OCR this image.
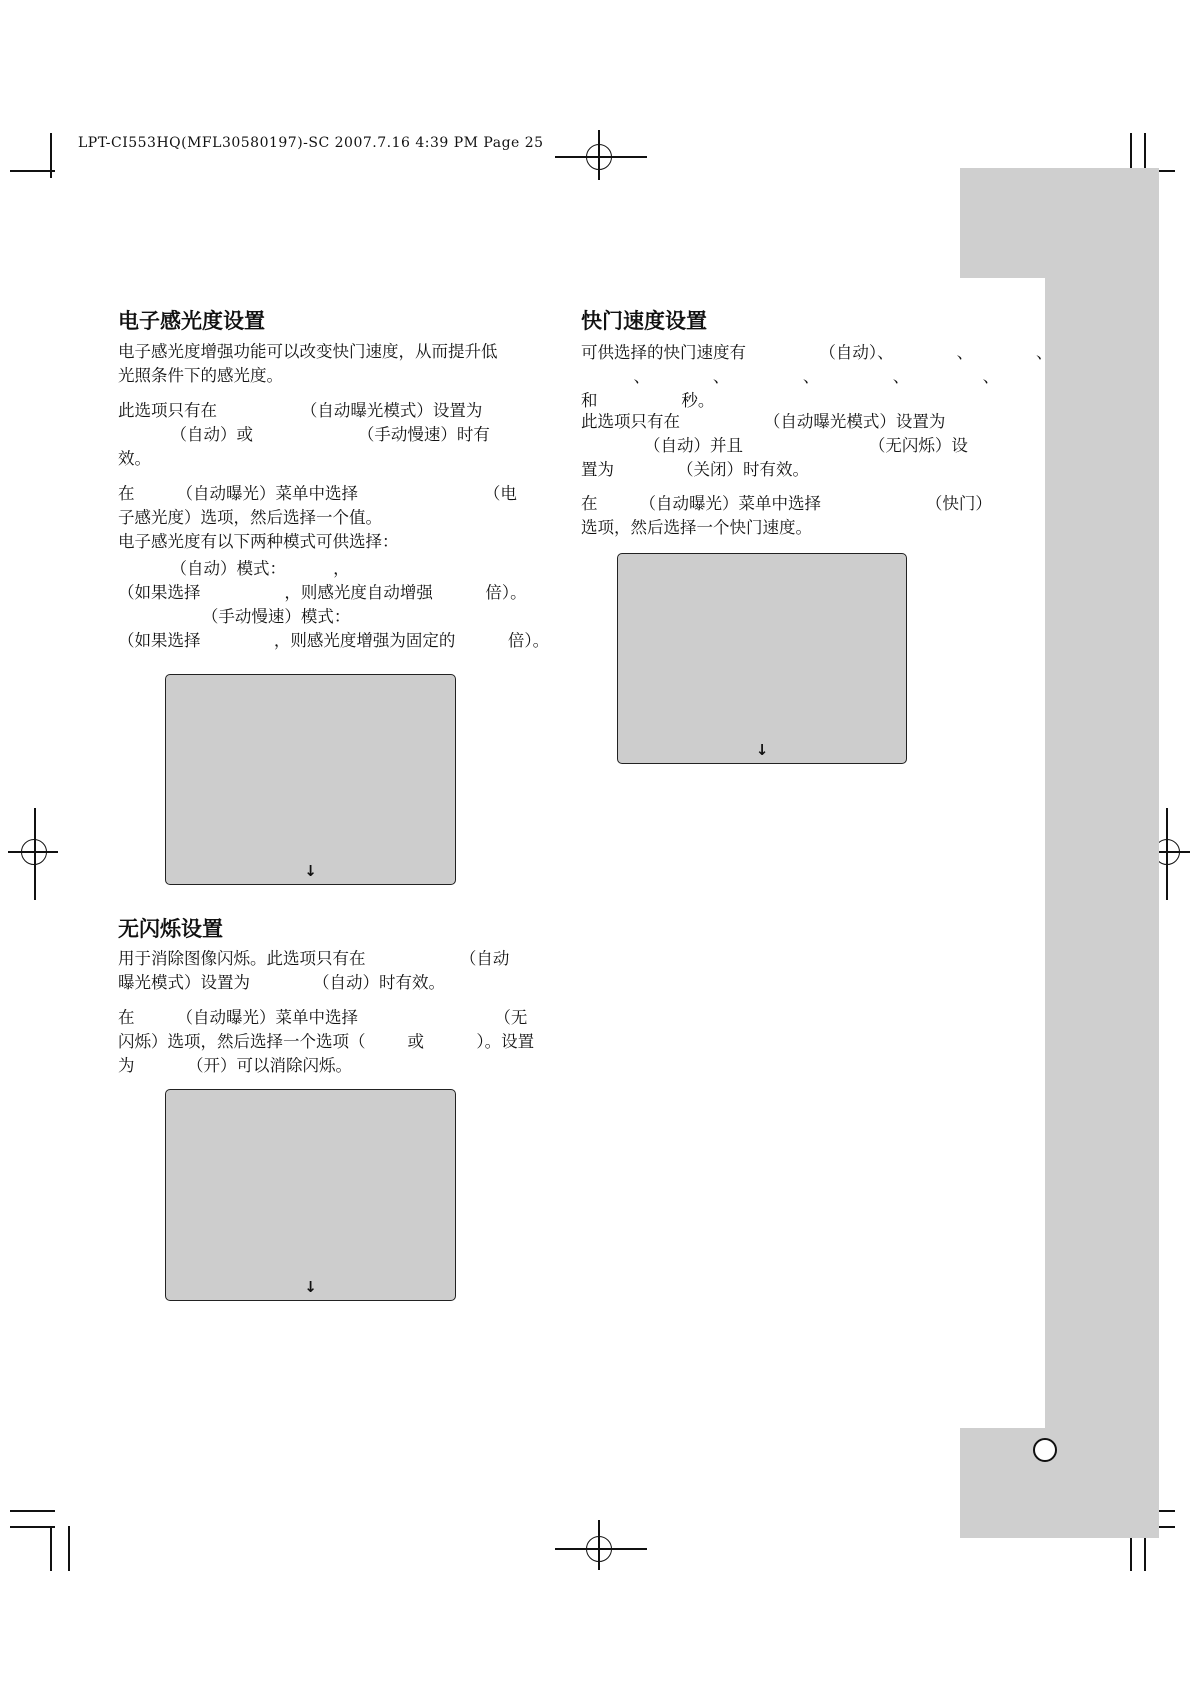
LPT-CI553HQ(MFL30580197)-SC 2007.7.16 4:39 PM Page 25
电子感光度设置
电子感光度增强功能可以改变快门速度，从而提升低
光照条件下的感光度。
此选项只有在                （自动曝光模式）设置为
（自动）或                    （手动慢速）时有
效。
在        （自动曝光）菜单中选择                        （电
子感光度）选项，然后选择一个值。
电子感光度有以下两种模式可供选择：
（自动）模式：         ，
（如果选择                ，则感光度自动增强          倍）。
（手动慢速）模式：
（如果选择              ，则感光度增强为固定的          倍）。
↓
无闪烁设置
用于消除图像闪烁。此选项只有在                  （自动
曝光模式）设置为            （自动）时有效。
在        （自动曝光）菜单中选择                          （无
闪烁）选项，然后选择一个选项（        或          ）。设置
为          （开）可以消除闪烁。
↓
快门速度设置
可供选择的快门速度有              （自动）、            、            、
、            、              、              、              、
和                秒。
此选项只有在                （自动曝光模式）设置为
（自动）并且                        （无闪烁）设
置为            （关闭）时有效。
在        （自动曝光）菜单中选择                    （快门）
选项，然后选择一个快门速度。
↓
